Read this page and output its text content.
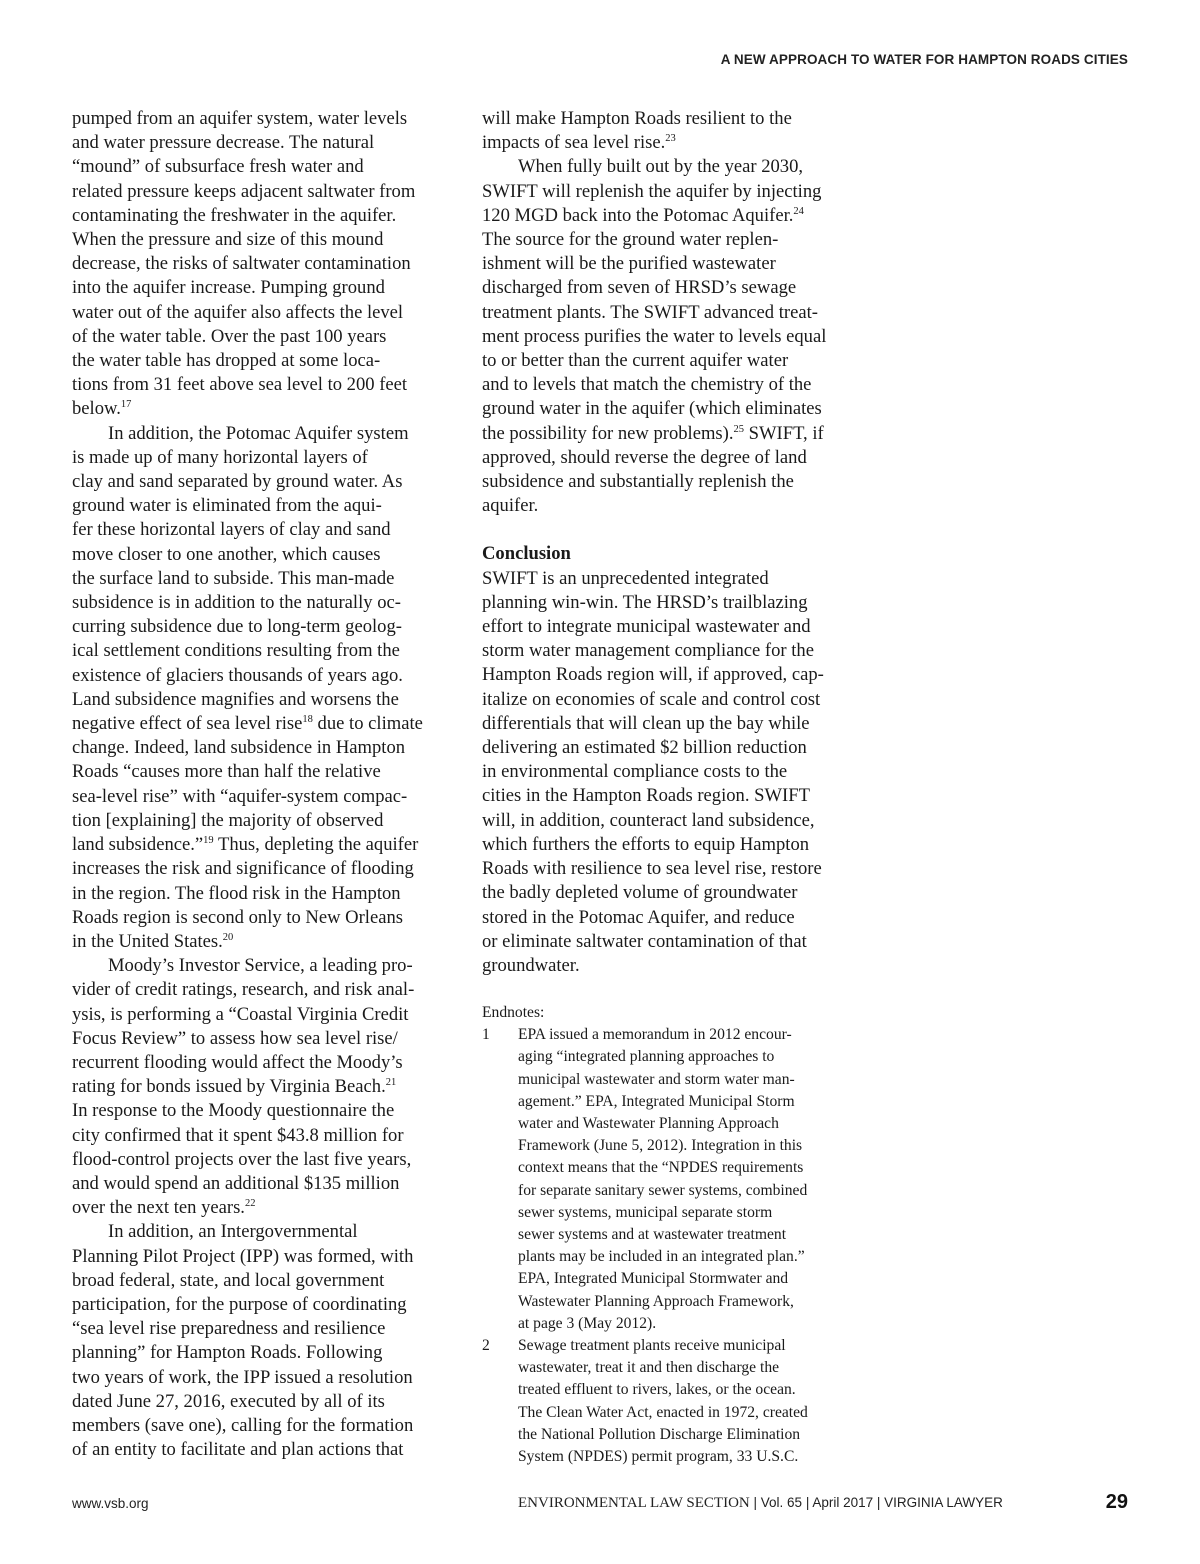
A NEW APPROACH TO WATER FOR HAMPTON ROADS CITIES

pumped from an aquifer system, water levels
and water pressure decrease. The natural
“mound” of subsurface fresh water and
related pressure keeps adjacent saltwater from
contaminating the freshwater in the aquifer.
When the pressure and size of this mound
decrease, the risks of saltwater contamination
into the aquifer increase. Pumping ground
water out of the aquifer also affects the level
of the water table. Over the past 100 years
the water table has dropped at some loca-
tions from 31 feet above sea level to 200 feet
below.$^{17}$

In addition, the Potomac Aquifer system
is made up of many horizontal layers of
clay and sand separated by ground water. As
ground water is eliminated from the aqui-
fer these horizontal layers of clay and sand
move closer to one another, which causes
the surface land to subside. This man-made
subsidence is in addition to the naturally oc-
curring subsidence due to long-term geolog-
ical settlement conditions resulting from the
existence of glaciers thousands of years ago.
Land subsidence magnifies and worsens the
negative effect of sea level rise$^{18}$ due to climate
change. Indeed, land subsidence in Hampton
Roads “causes more than half the relative
sea-level rise” with “aquifer-system compac-
tion [explaining] the majority of observed
land subsidence.”$^{19}$ Thus, depleting the aquifer
increases the risk and significance of flooding
in the region. The flood risk in the Hampton
Roads region is second only to New Orleans
in the United States.$^{20}$

Moody’s Investor Service, a leading pro-
vider of credit ratings, research, and risk anal-
ysis, is performing a “Coastal Virginia Credit
Focus Review” to assess how sea level rise/
recurrent flooding would affect the Moody’s
rating for bonds issued by Virginia Beach.$^{21}$
In response to the Moody questionnaire the
city confirmed that it spent $43.8 million for
flood-control projects over the last five years,
and would spend an additional $135 million
over the next ten years.$^{22}$

In addition, an Intergovernmental
Planning Pilot Project (IPP) was formed, with
broad federal, state, and local government
participation, for the purpose of coordinating
“sea level rise preparedness and resilience
planning” for Hampton Roads. Following
two years of work, the IPP issued a resolution
dated June 27, 2016, executed by all of its
members (save one), calling for the formation
of an entity to facilitate and plan actions that

will make Hampton Roads resilient to the
impacts of sea level rise.$^{23}$

When fully built out by the year 2030,
SWIFT will replenish the aquifer by injecting
120 MGD back into the Potomac Aquifer.$^{24}$
The source for the ground water replen-
ishment will be the purified wastewater
discharged from seven of HRSD’s sewage
treatment plants. The SWIFT advanced treat-
ment process purifies the water to levels equal
to or better than the current aquifer water
and to levels that match the chemistry of the
ground water in the aquifer (which eliminates
the possibility for new problems).$^{25}$ SWIFT, if
approved, should reverse the degree of land
subsidence and substantially replenish the
aquifer.

Conclusion

SWIFT is an unprecedented integrated
planning win-win. The HRSD’s trailblazing
effort to integrate municipal wastewater and
storm water management compliance for the
Hampton Roads region will, if approved, cap-
italize on economies of scale and control cost
differentials that will clean up the bay while
delivering an estimated $2 billion reduction
in environmental compliance costs to the
cities in the Hampton Roads region. SWIFT
will, in addition, counteract land subsidence,
which furthers the efforts to equip Hampton
Roads with resilience to sea level rise, restore
the badly depleted volume of groundwater
stored in the Potomac Aquifer, and reduce
or eliminate saltwater contamination of that
groundwater.

Endnotes:

1 EPA issued a memorandum in 2012 encour-
aging “integrated planning approaches to
municipal wastewater and storm water man-
agement.” EPA, Integrated Municipal Storm
water and Wastewater Planning Approach
Framework (June 5, 2012). Integration in this
context means that the “NPDES requirements
for separate sanitary sewer systems, combined
sewer systems, municipal separate storm
sewer systems and at wastewater treatment
plants may be included in an integrated plan.”
EPA, Integrated Municipal Stormwater and
Wastewater Planning Approach Framework,
at page 3 (May 2012).
2 Sewage treatment plants receive municipal
wastewater, treat it and then discharge the
treated effluent to rivers, lakes, or the ocean.
The Clean Water Act, enacted in 1972, created
the National Pollution Discharge Elimination
System (NPDES) permit program, 33 U.S.C.
www.vsb.org	ENVIRONMENTAL LAW SECTION | Vol. 65 | April 2017 | VIRGINIA LAWYER	29
